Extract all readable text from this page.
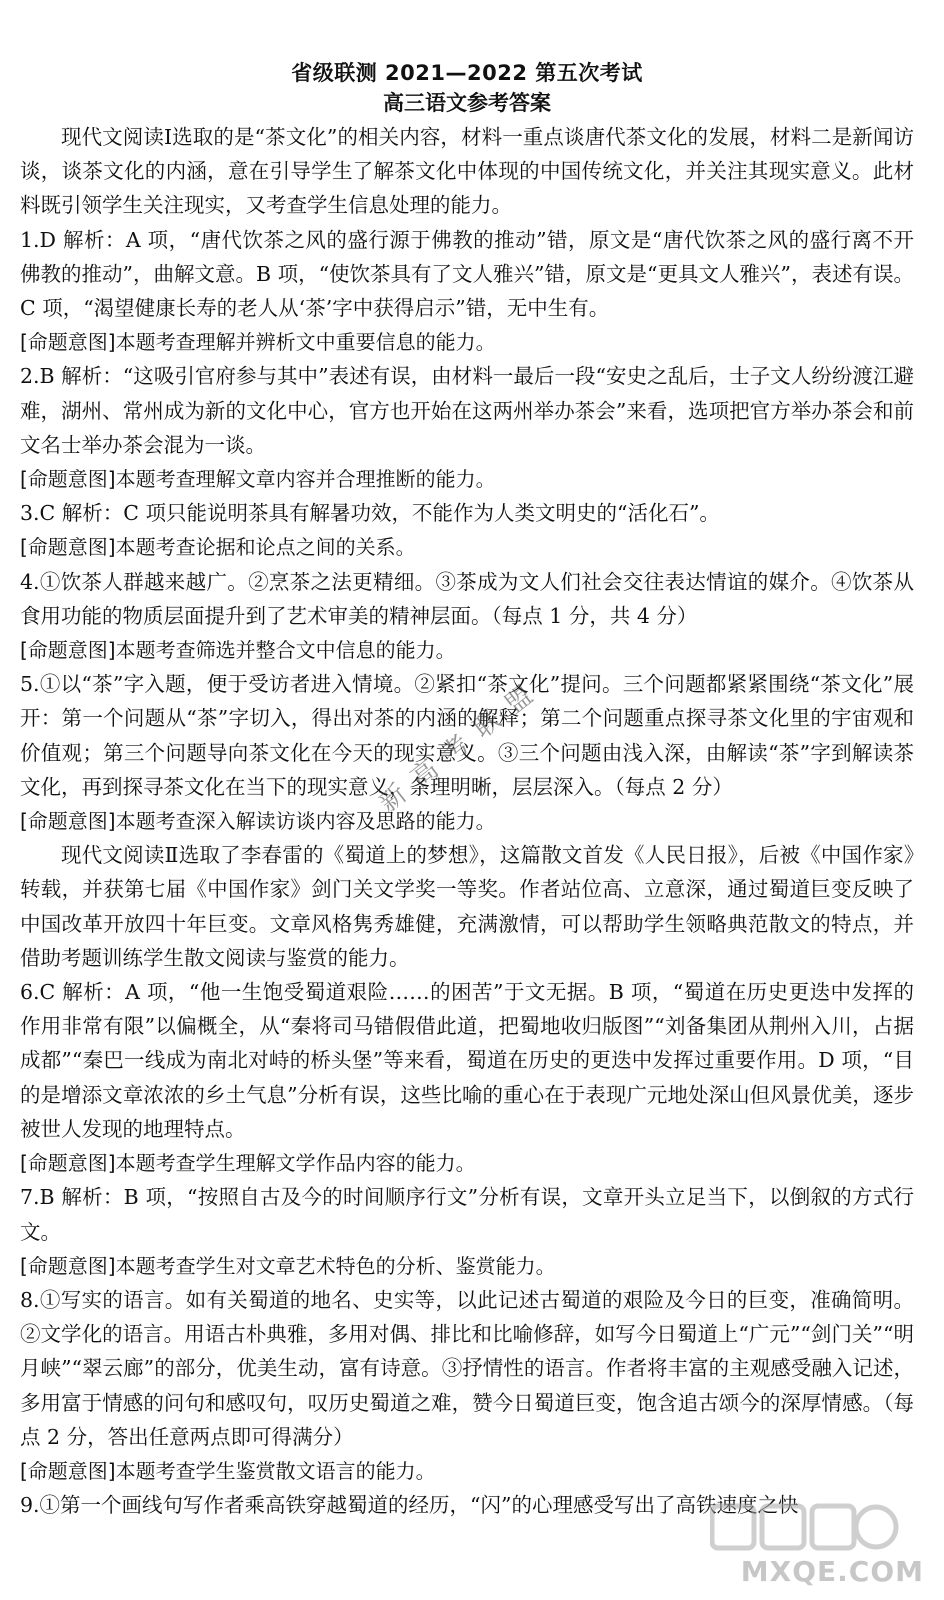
省级联测 2021—2022 第五次考试
高三语文参考答案

现代文阅读Ⅰ选取的是“茶文化”的相关内容，材料一重点谈唐代茶文化的发展，材料二是新闻访谈，谈茶文化的内涵，意在引导学生了解茶文化中体现的中国传统文化，并关注其现实意义。此材料既引领学生关注现实，又考查学生信息处理的能力。

1.D 解析：A 项，“唐代饮茶之风的盛行源于佛教的推动”错，原文是“唐代饮茶之风的盛行离不开佛教的推动”，曲解文意。B 项，“使饮茶具有了文人雅兴”错，原文是“更具文人雅兴”，表述有误。C 项，“渴望健康长寿的老人从‘茶’字中获得启示”错，无中生有。

[命题意图]本题考查理解并辨析文中重要信息的能力。

2.B 解析：“这吸引官府参与其中”表述有误，由材料一最后一段“安史之乱后，士子文人纷纷渡江避难，湖州、常州成为新的文化中心，官方也开始在这两州举办茶会”来看，选项把官方举办茶会和前文名士举办茶会混为一谈。

[命题意图]本题考查理解文章内容并合理推断的能力。

3.C 解析：C 项只能说明茶具有解暑功效，不能作为人类文明史的“活化石”。

[命题意图]本题考查论据和论点之间的关系。

4.①饮茶人群越来越广。②烹茶之法更精细。③茶成为文人们社会交往表达情谊的媒介。④饮茶从食用功能的物质层面提升到了艺术审美的精神层面。（每点 1 分，共 4 分）

[命题意图]本题考查筛选并整合文中信息的能力。

5.①以“茶”字入题，便于受访者进入情境。②紧扣“茶文化”提问。三个问题都紧紧围绕“茶文化”展开：第一个问题从“茶”字切入，得出对茶的内涵的解释；第二个问题重点探寻茶文化里的宇宙观和价值观；第三个问题导向茶文化在今天的现实意义。③三个问题由浅入深，由解读“茶”字到解读茶文化，再到探寻茶文化在当下的现实意义，条理明晰，层层深入。（每点 2 分）

[命题意图]本题考查深入解读访谈内容及思路的能力。

现代文阅读Ⅱ选取了李春雷的《蜀道上的梦想》，这篇散文首发《人民日报》，后被《中国作家》转载，并获第七届《中国作家》剑门关文学奖一等奖。作者站位高、立意深，通过蜀道巨变反映了中国改革开放四十年巨变。文章风格隽秀雄健，充满激情，可以帮助学生领略典范散文的特点，并借助考题训练学生散文阅读与鉴赏的能力。

6.C 解析：A 项，“他一生饱受蜀道艰险……的困苦”于文无据。B 项，“蜀道在历史更迭中发挥的作用非常有限”以偏概全，从“秦将司马错假借此道，把蜀地收归版图”“刘备集团从荆州入川，占据成都”“秦巴一线成为南北对峙的桥头堡”等来看，蜀道在历史的更迭中发挥过重要作用。D 项，“目的是增添文章浓浓的乡土气息”分析有误，这些比喻的重心在于表现广元地处深山但风景优美，逐步被世人发现的地理特点。

[命题意图]本题考查学生理解文学作品内容的能力。

7.B 解析：B 项，“按照自古及今的时间顺序行文”分析有误，文章开头立足当下，以倒叙的方式行文。

[命题意图]本题考查学生对文章艺术特色的分析、鉴赏能力。

8.①写实的语言。如有关蜀道的地名、史实等，以此记述古蜀道的艰险及今日的巨变，准确简明。②文学化的语言。用语古朴典雅，多用对偶、排比和比喻修辞，如写今日蜀道上“广元”“剑门关”“明月峡”“翠云廊”的部分，优美生动，富有诗意。③抒情性的语言。作者将丰富的主观感受融入记述，多用富于情感的问句和感叹句，叹历史蜀道之难，赞今日蜀道巨变，饱含追古颂今的深厚情感。（每点 2 分，答出任意两点即可得满分）

[命题意图]本题考查学生鉴赏散文语言的能力。

9.①第一个画线句写作者乘高铁穿越蜀道的经历，“闪”的心理感受写出了高铁速度之快

新高考联盟
MXQE.COM
